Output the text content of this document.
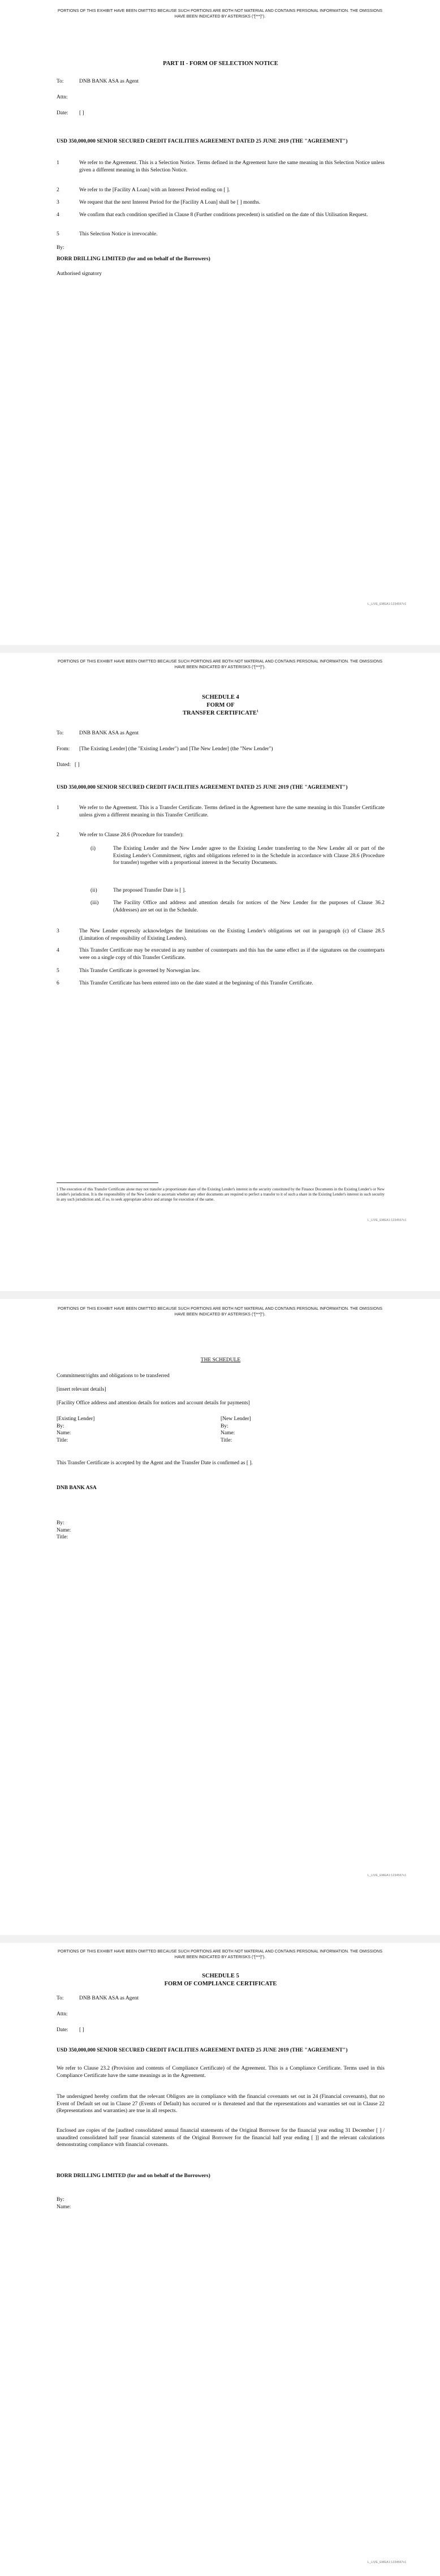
PORTIONS OF THIS EXHIBIT HAVE BEEN OMITTED BECAUSE SUCH PORTIONS ARE BOTH NOT MATERIAL AND CONTAINS PERSONAL INFORMATION. THE OMISSIONS HAVE BEEN INDICATED BY ASTERISKS ("[***]").
PART II - FORM OF SELECTION NOTICE
To:	DNB BANK ASA as Agent
Attn:
Date: [ ]
USD 350,000,000 SENIOR SECURED CREDIT FACILITIES AGREEMENT DATED 25 JUNE 2019 (THE "AGREEMENT")
1	We refer to the Agreement. This is a Selection Notice. Terms defined in the Agreement have the same meaning in this Selection Notice unless given a different meaning in this Selection Notice.
2	We refer to the [Facility A Loan] with an Interest Period ending on [ ].
3	We request that the next Interest Period for the [Facility A Loan] shall be [ ] months.
4	We confirm that each condition specified in Clause 8 (Further conditions precedent) is satisfied on the date of this Utilisation Request.
5	This Selection Notice is irrevocable.
By:
BORR DRILLING LIMITED (for and on behalf of the Borrowers)
Authorised signatory
L_LIVE_EMEA1:1234567v1
PORTIONS OF THIS EXHIBIT HAVE BEEN OMITTED BECAUSE SUCH PORTIONS ARE BOTH NOT MATERIAL AND CONTAINS PERSONAL INFORMATION. THE OMISSIONS HAVE BEEN INDICATED BY ASTERISKS ("[***]").
SCHEDULE 4
FORM OF
TRANSFER CERTIFICATE$^1$
To:	DNB BANK ASA as Agent
From: [The Existing Lender] (the "Existing Lender") and [The New Lender] (the "New Lender")
Dated: [ ]
USD 350,000,000 SENIOR SECURED CREDIT FACILITIES AGREEMENT DATED 25 JUNE 2019 (THE "AGREEMENT")
1	We refer to the Agreement. This is a Transfer Certificate. Terms defined in the Agreement have the same meaning in this Transfer Certificate unless given a different meaning in this Transfer Certificate.
2	We refer to Clause 28.6 (Procedure for transfer):
(i)	The Existing Lender and the New Lender agree to the Existing Lender transferring to the New Lender all or part of the Existing Lender's Commitment, rights and obligations referred to in the Schedule in accordance with Clause 28.6 (Procedure for transfer) together with a proportional interest in the Security Documents.
(ii)	The proposed Transfer Date is [ ].
(iii)	The Facility Office and address and attention details for notices of the New Lender for the purposes of Clause 36.2 (Addresses) are set out in the Schedule.
3	The New Lender expressly acknowledges the limitations on the Existing Lender's obligations set out in paragraph (c) of Clause 28.5 (Limitation of responsibility of Existing Lenders).
4	This Transfer Certificate may be executed in any number of counterparts and this has the same effect as if the signatures on the counterparts were on a single copy of this Transfer Certificate.
5	This Transfer Certificate is governed by Norwegian law.
6	This Transfer Certificate has been entered into on the date stated at the beginning of this Transfer Certificate.
1 The execution of this Transfer Certificate alone may not transfer a proportionate share of the Existing Lender's interest in the security constituted by the Finance Documents in the Existing Lender's or New Lender's jurisdiction. It is the responsibility of the New Lender to ascertain whether any other documents are required to perfect a transfer to it of such a share in the Existing Lender's interest in such security in any such jurisdiction and, if so, to seek appropriate advice and arrange for execution of the same.
L_LIVE_EMEA1:1234567v1
PORTIONS OF THIS EXHIBIT HAVE BEEN OMITTED BECAUSE SUCH PORTIONS ARE BOTH NOT MATERIAL AND CONTAINS PERSONAL INFORMATION. THE OMISSIONS HAVE BEEN INDICATED BY ASTERISKS ("[***]").
THE SCHEDULE
Commitment/rights and obligations to be transferred
[insert relevant details]
[Facility Office address and attention details for notices and account details for payments]
[Existing Lender]
By:
Name:
Title:
[New Lender]
By:
Name:
Title:
This Transfer Certificate is accepted by the Agent and the Transfer Date is confirmed as [ ].
DNB BANK ASA
By:
Name:
Title:
L_LIVE_EMEA1:1234567v1
PORTIONS OF THIS EXHIBIT HAVE BEEN OMITTED BECAUSE SUCH PORTIONS ARE BOTH NOT MATERIAL AND CONTAINS PERSONAL INFORMATION. THE OMISSIONS HAVE BEEN INDICATED BY ASTERISKS ("[***]").
SCHEDULE 5
FORM OF COMPLIANCE CERTIFICATE
To:	DNB BANK ASA as Agent
Attn:
Date: [ ]
USD 350,000,000 SENIOR SECURED CREDIT FACILITIES AGREEMENT DATED 25 JUNE 2019 (THE "AGREEMENT")
We refer to Clause 23.2 (Provision and contents of Compliance Certificate) of the Agreement. This is a Compliance Certificate. Terms used in this Compliance Certificate have the same meanings as in the Agreement.
The undersigned hereby confirm that the relevant Obligors are in compliance with the financial covenants set out in 24 (Financial covenants), that no Event of Default set out in Clause 27 (Events of Default) has occurred or is threatened and that the representations and warranties set out in Clause 22 (Representations and warranties) are true in all respects.
Enclosed are copies of the [audited consolidated annual financial statements of the Original Borrower for the financial year ending 31 December [ ] / unaudited consolidated half year financial statements of the Original Borrower for the financial half year ending [ ]] and the relevant calculations demonstrating compliance with financial covenants.
BORR DRILLING LIMITED (for and on behalf of the Borrowers)
By:
Name:
L_LIVE_EMEA1:1234567v1
